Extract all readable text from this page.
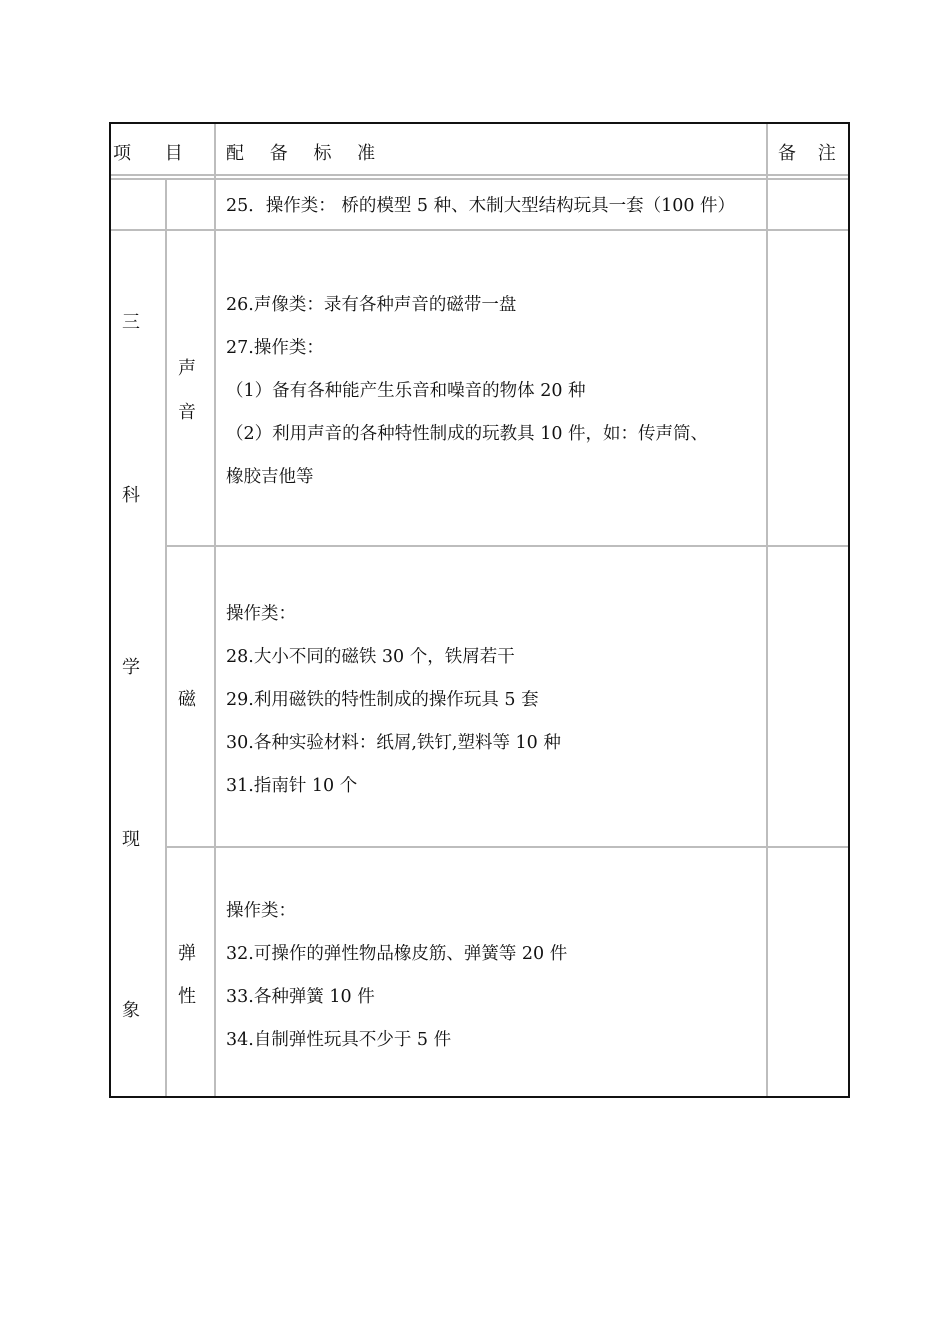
项 目 配 备 标 准	备 注
25．操作类： 桥的模型 5 种、木制大型结构玩具一套（100 件）
三
科
学
现
象
声
音
26.声像类：录有各种声音的磁带一盘
27.操作类：
（1）备有各种能产生乐音和噪音的物体 20 种
（2）利用声音的各种特性制成的玩教具 10 件，如：传声筒、
橡胶吉他等
磁
操作类：
28.大小不同的磁铁 30 个，铁屑若干
29.利用磁铁的特性制成的操作玩具 5 套
30.各种实验材料：纸屑,铁钉,塑料等 10 种
31.指南针 10 个
弹
性
操作类：
32.可操作的弹性物品橡皮筋、弹簧等 20 件
33.各种弹簧 10 件
34.自制弹性玩具不少于 5 件
